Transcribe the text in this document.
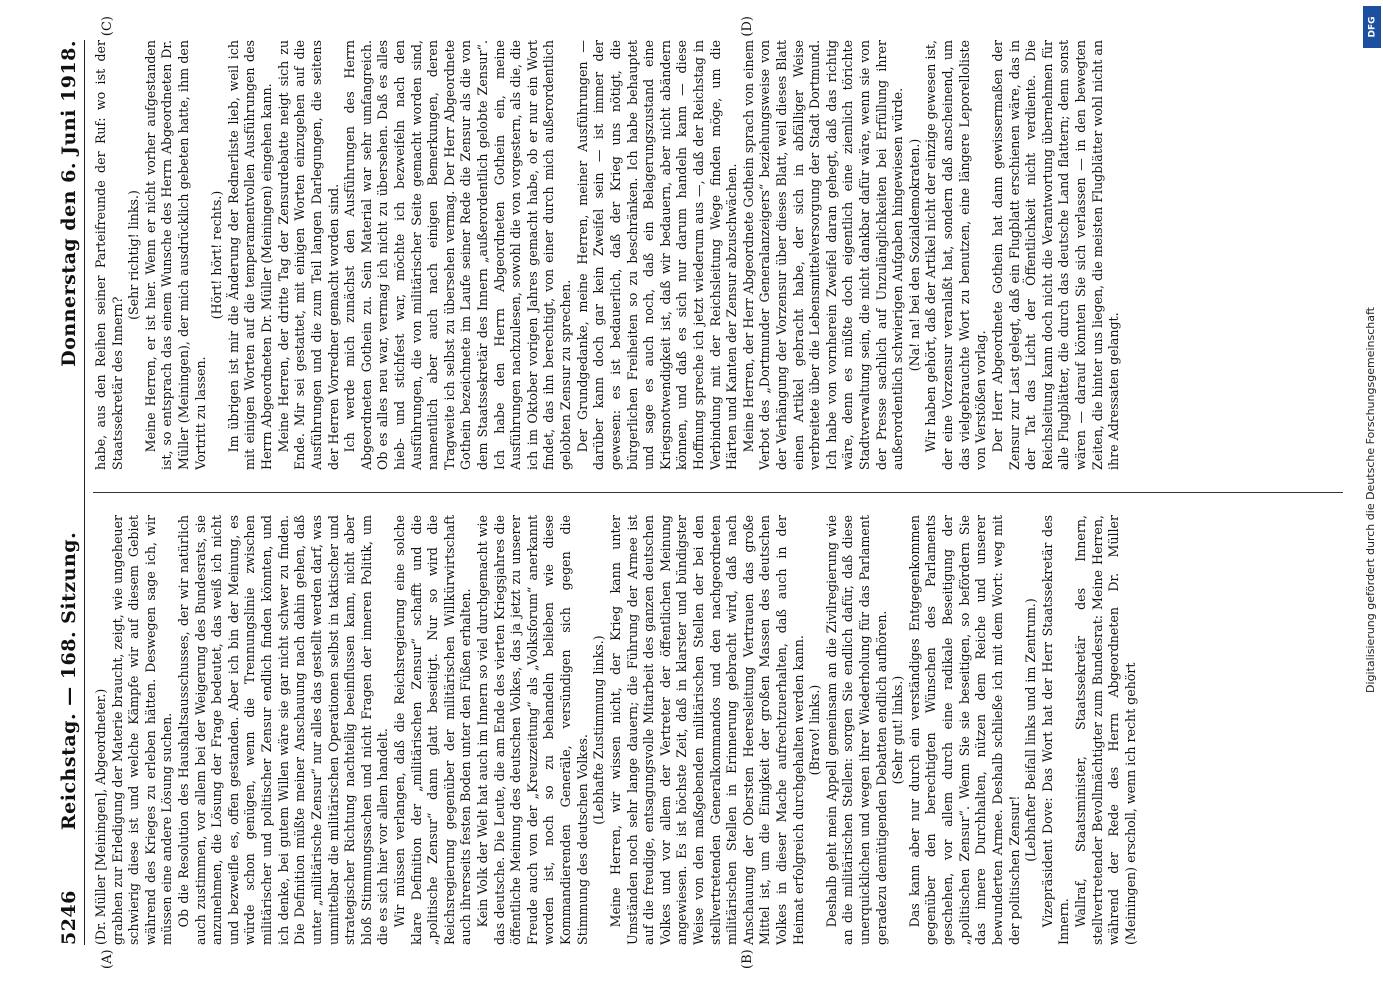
5246
Reichstag. — 168. Sitzung.
Donnerstag den 6. Juni 1918.

(Dr. Müller [Meiningen], Abgeordneter.) grabhen zur Erledigung der Materie braucht, zeigt, wie ungeheuer schwierig diese ist und welche Kämpfe wir auf diesem Gebiet während des Krieges zu erleben hätten. Deswegen sage ich, wir müssen eine andere Lösung suchen. Ob die Resolution des Haushaltsausschusses, der wir natürlich auch zustimmen, vor allem bei der Weigerung des Bundesrats, sie anzunehmen, die Lösung der Frage bedeutet, das weiß ich nicht und bezweifle es, offen gestanden. Aber ich bin der Meinung, es würde schon genügen, wenn die Trennungslinie zwischen militärischer und politischer Zensur endlich finden könnten, und ich denke, bei gutem Willen wäre sie gar nicht schwer zu finden. Die Definition müßte meiner Anschauung nach dahin gehen, daß unter „militärische Zensur“ nur alles das gestellt werden darf, was unmittelbar die militärischen Operationen selbst in taktischer und strategischer Richtung nachteilig beeinflussen kann, nicht aber bloß Stimmungssachen und nicht Fragen der inneren Politik, um die es sich hier vor allem handelt. Wir müssen verlangen, daß die Reichsregierung eine solche klare Definition der „militärischen Zensur“ schafft und die „politische Zensur“ dann glatt beseitigt. Nur so wird die Reichsregierung gegenüber der militärischen Willkürwirtschaft auch ihrerseits festen Boden unter den Füßen erhalten. Kein Volk der Welt hat auch im Innern so viel durchgemacht wie das deutsche. Die Leute, die am Ende des vierten Kriegsjahres die öffentliche Meinung des deutschen Volkes, das ja jetzt zu unserer Freude auch von der „Kreuzzeitung“ als „Volksforum“ anerkannt worden ist, noch so zu behandeln belieben wie diese Kommandierenden Generäle, versündigen sich gegen die Stimmung des deutschen Volkes.

(Lebhafte Zustimmung links.) Meine Herren, wir wissen nicht, der Krieg kann unter Umständen noch sehr lange dauern; die Führung der Armee ist auf die freudige, entsagungsvolle Mitarbeit des ganzen deutschen Volkes und vor allem der Vertreter der öffentlichen Meinung angewiesen. Es ist höchste Zeit, daß in klarster und bündigster Weise von den maßgebenden militärischen Stellen der bei den stellvertretenden Generalkommandos und den nachgeordneten militärischen Stellen in Erinnerung gebracht wird, daß nach Anschauung der Obersten Heeresleitung Vertrauen das große Mittel ist, um die Einigkeit der großen Massen des deutschen Volkes in dieser Mache aufrechtzuerhalten, daß auch in der Heimat erfolgreich durchgehalten werden kann. (Bravo! links.) Deshalb geht mein Appell gemeinsam an die Zivilregierung wie an die militärischen Stellen: sorgen Sie endlich dafür, daß diese unerquicklichen und wegen ihrer Wiederholung für das Parlament geradezu demütigenden Debatten endlich aufhören. (Sehr gut! links.) Das kann aber nur durch ein verständiges Entgegenkommen gegenüber den berechtigten Wünschen des Parlaments geschehen, vor allem durch eine radikale Beseitigung der „politischen Zensur“. Wenn Sie sie beseitigen, so befördern Sie das innere Durchhalten, nützen dem Reiche und unserer bewunderten Armee. Deshalb schließe ich mit dem Wort: weg mit der politischen Zensur!

(Lebhafter Beifall links und im Zentrum.) Vizepräsident Dove: Das Wort hat der Herr Staatssekretär des Innern. Wallraf, Staatsminister, Staatssekretär des Innern, stellvertretender Bevollmächtigter zum Bundesrat: Meine Herren, während der Rede des Herrn Abgeordneten Dr. Müller (Meiningen) erscholl, wenn ich recht gehört

habe, aus den Reihen seiner Parteifreunde der Ruf: wo ist der Staatssekretär des Innern?

(Sehr richtig! links.) Meine Herren, er ist hier. Wenn er nicht vorher aufgestanden ist, so entsprach das einem Wunsche des Herrn Abgeordneten Dr. Müller (Meiningen), der mich ausdrücklich gebeten hatte, ihm den Vortritt zu lassen.

(Hört! hört! rechts.) Im übrigen ist mir die Änderung der Rednerliste lieb, weil ich mit einigen Worten auf die temperamentvollen Ausführungen des Herrn Abgeordneten Dr. Müller (Meiningen) eingehen kann. Meine Herren, der dritte Tag der Zensurdebatte neigt sich zu Ende. Mir sei gestattet, mit einigen Worten einzugehen auf die Ausführungen und die zum Teil langen Darlegungen, die seitens der Herren Vorredner gemacht worden sind. Ich werde mich zunächst den Ausführungen des Herrn Abgeordneten Gothein zu. Sein Material war sehr umfangreich. Ob es alles neu war, vermag ich nicht zu übersehen. Daß es alles hieb- und stichfest war, möchte ich bezweifeln nach den Ausführungen, die von militärischer Seite gemacht worden sind, namentlich aber auch nach einigen Bemerkungen, deren Tragweite ich selbst zu übersehen vermag. Der Herr Abgeordnete Gothein bezeichnete im Laufe seiner Rede die Zensur als die von dem Staatssekretär des Innern „außerordentlich gelobte Zensur“. Ich habe den Herrn Abgeordneten Gothein ein, meine Ausführungen nachzulesen, sowohl die von vorgestern, als die, die ich im Oktober vorigen Jahres gemacht habe, ob er nur ein Wort findet, das ihn berechtigt, von einer durch mich außerordentlich gelobten Zensur zu sprechen. Der Grundgedanke, meine Herren, meiner Ausführungen — darüber kann doch gar kein Zweifel sein — ist immer der gewesen: es ist bedauerlich, daß der Krieg uns nötigt, die bürgerlichen Freiheiten so zu beschränken. Ich habe behauptet und sage es auch noch, daß ein Belagerungszustand eine Kriegsnotwendigkeit ist, daß wir bedauern, aber nicht abändern können, und daß es sich nur darum handeln kann — diese Hoffnung spreche ich jetzt wiederum aus —, daß der Reichstag in Verbindung mit der Reichsleitung Wege finden möge, um die Härten und Kanten der Zensur abzuschwächen. Meine Herren, der Herr Abgeordnete Gothein sprach von einem Verbot des „Dortmunder Generalanzeigers“ beziehungsweise von der Verhängung der Vorzensur über dieses Blatt, weil dieses Blatt einen Artikel gebracht habe, der sich in abfälliger Weise verbreitete über die Lebensmittelversorgung der Stadt Dortmund. Ich habe von vornherein Zweifel daran gehegt, daß das richtig wäre, denn es müßte doch eigentlich eine ziemlich törichte Stadtverwaltung sein, die nicht dankbar dafür wäre, wenn sie von der Presse sachlich auf Unzulänglichkeiten bei Erfüllung ihrer außerordentlich schwierigen Aufgaben hingewiesen würde. (Na! na! bei den Sozialdemokraten.) Wir haben gehört, daß der Artikel nicht der einzige gewesen ist, der eine Vorzensur veranlaßt hat, sondern daß anscheinend, um das vielgebrauchte Wort zu benutzen, eine längere Leporelloliste von Verstößen vorlag. Der Herr Abgeordnete Gothein hat dann gewissermaßen der Zensur zur Last gelegt, daß ein Flugblatt erschienen wäre, das in der Tat das Licht der Öffentlichkeit nicht verdiente. Die Reichsleitung kann doch nicht die Verantwortung übernehmen für alle Flugblätter, die durch das deutsche Land flattern; denn sonst wären — darauf könnten Sie sich verlassen — in den bewegten Zeiten, die hinter uns liegen, die meisten Flugblätter wohl nicht an ihre Adressaten gelangt.

(A)	(B)
(C)	(D)
Digitalisierung gefördert durch die Deutsche Forschungsgemeinschaft
DFG
